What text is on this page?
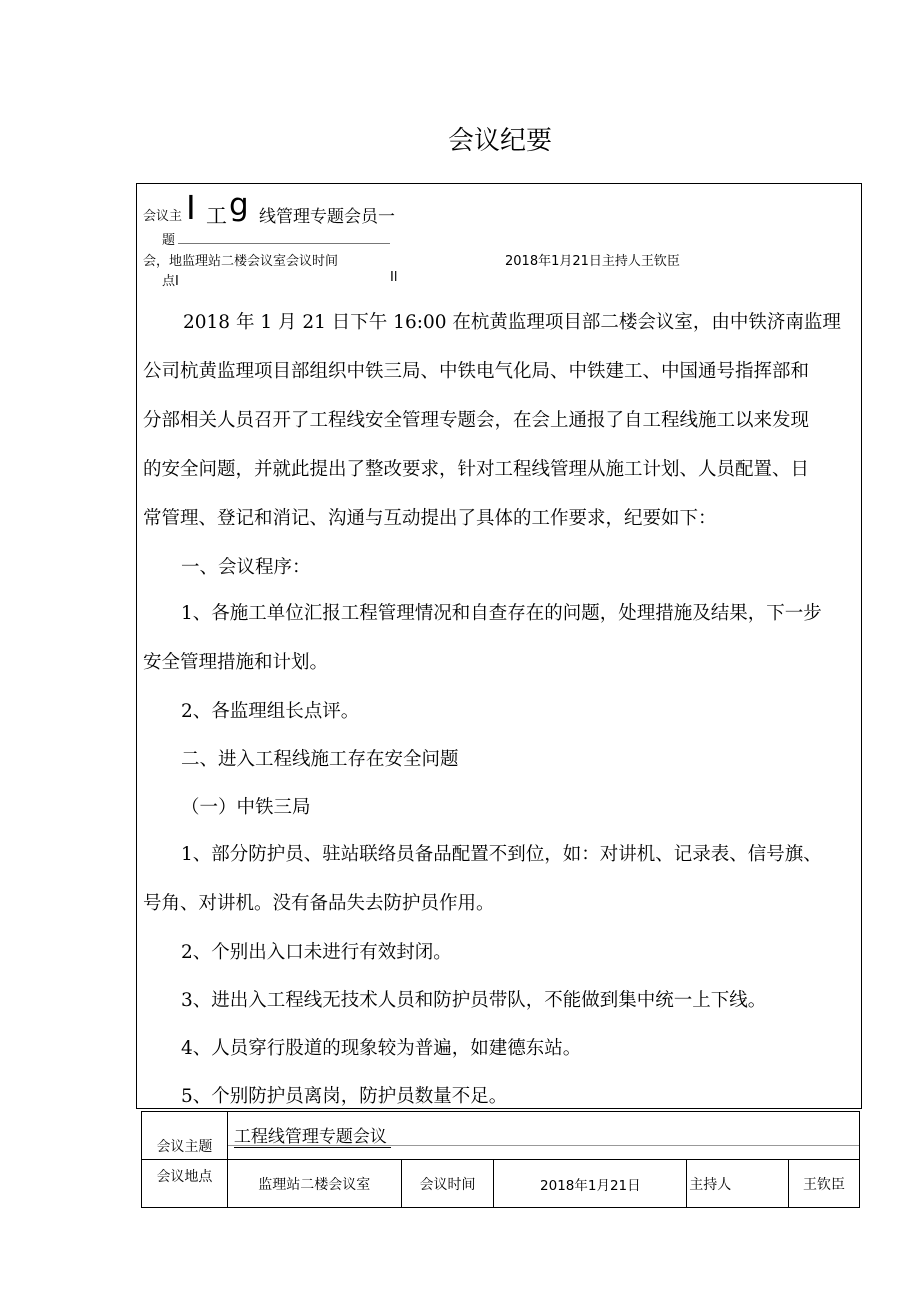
会议纪要
会议主 I 工 g 线管理专题会员一
题
会，地 监理站二楼会议室会议时间	2018年1月21日主持人王钦臣
点I	Il
2018 年 1 月 21 日下午 16:00 在杭黄监理项目部二楼会议室，由中铁济南监理
公司杭黄监理项目部组织中铁三局、中铁电气化局、中铁建工、中国通号指挥部和
分部相关人员召开了工程线安全管理专题会，在会上通报了自工程线施工以来发现
的安全问题，并就此提出了整改要求，针对工程线管理从施工计划、人员配置、日
常管理、登记和消记、沟通与互动提出了具体的工作要求，纪要如下：
一、会议程序：
1、各施工单位汇报工程管理情况和自查存在的问题，处理措施及结果，下一步
安全管理措施和计划。
2、各监理组长点评。
二、进入工程线施工存在安全问题
（一）中铁三局
1、部分防护员、驻站联络员备品配置不到位，如：对讲机、记录表、信号旗、
号角、对讲机。没有备品失去防护员作用。
2、个别出入口未进行有效封闭。
3、进出入工程线无技术人员和防护员带队，不能做到集中统一上下线。
4、人员穿行股道的现象较为普遍，如建德东站。
5、个别防护员离岗，防护员数量不足。
会议主题	工程线管理专题会议				

会议地点	监理站二楼会议室	会议时间	2018年1月21日	主持人	王钦臣
